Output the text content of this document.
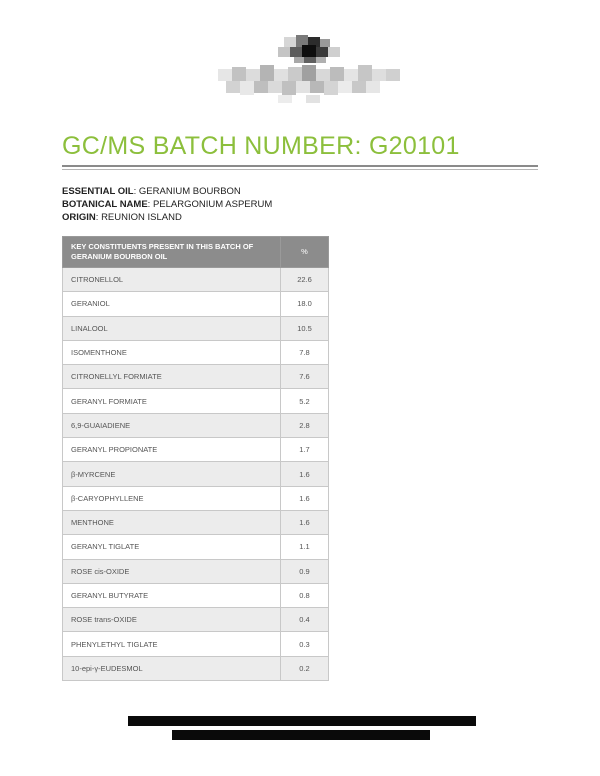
GC/MS BATCH NUMBER: G20101
ESSENTIAL OIL: GERANIUM BOURBON
BOTANICAL NAME: PELARGONIUM ASPERUM
ORIGIN: REUNION ISLAND
KEY CONSTITUENTS PRESENT IN THIS BATCH OF GERANIUM BOURBON OIL	%
CITRONELLOL	22.6
GERANIOL	18.0
LINALOOL	10.5
ISOMENTHONE	7.8
CITRONELLYL FORMIATE	7.6
GERANYL FORMIATE	5.2
6,9-GUAIADIENE	2.8
GERANYL PROPIONATE	1.7
β-MYRCENE	1.6
β-CARYOPHYLLENE	1.6
MENTHONE	1.6
GERANYL TIGLATE	1.1
ROSE cis-OXIDE	0.9
GERANYL BUTYRATE	0.8
ROSE trans-OXIDE	0.4
PHENYLETHYL TIGLATE	0.3
10-epi-γ-EUDESMOL	0.2
